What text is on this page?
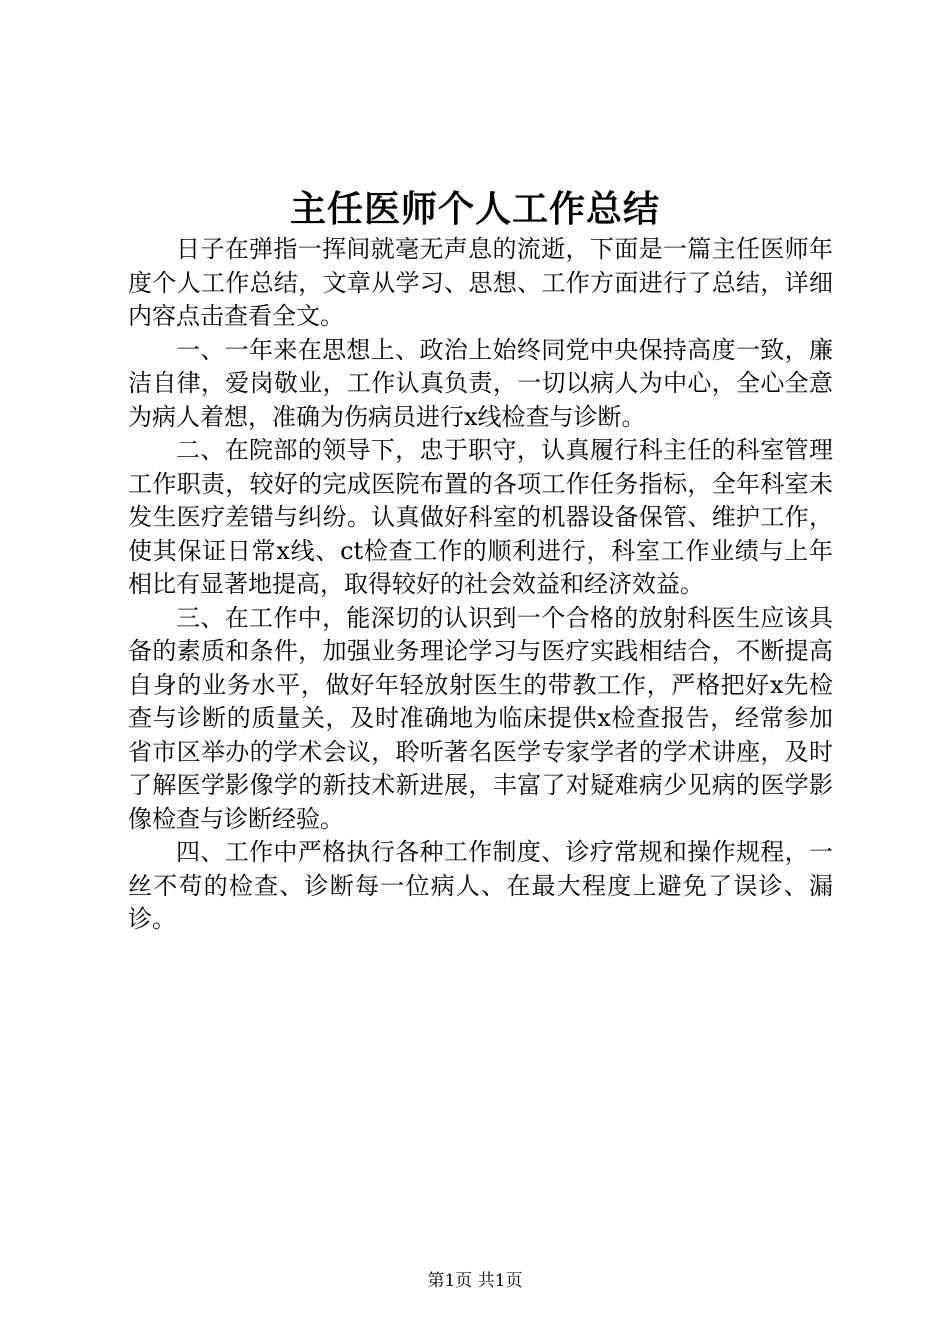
主任医师个人工作总结

日子在弹指一挥间就毫无声息的流逝，下面是一篇主任医师年度个人工作总结，文章从学习、思想、工作方面进行了总结，详细内容点击查看全文。

一、一年来在思想上、政治上始终同党中央保持高度一致，廉洁自律，爱岗敬业，工作认真负责，一切以病人为中心，全心全意为病人着想，准确为伤病员进行x线检查与诊断。

二、在院部的领导下，忠于职守，认真履行科主任的科室管理工作职责，较好的完成医院布置的各项工作任务指标，全年科室未发生医疗差错与纠纷。认真做好科室的机器设备保管、维护工作，使其保证日常x线、ct检查工作的顺利进行，科室工作业绩与上年相比有显著地提高，取得较好的社会效益和经济效益。

三、在工作中，能深切的认识到一个合格的放射科医生应该具备的素质和条件，加强业务理论学习与医疗实践相结合，不断提高自身的业务水平，做好年轻放射医生的带教工作，严格把好x先检查与诊断的质量关，及时准确地为临床提供x检查报告，经常参加省市区举办的学术会议，聆听著名医学专家学者的学术讲座，及时了解医学影像学的新技术新进展，丰富了对疑难病少见病的医学影像检查与诊断经验。

四、工作中严格执行各种工作制度、诊疗常规和操作规程，一丝不苟的检查、诊断每一位病人、在最大程度上避免了误诊、漏诊。

第1页 共1页
